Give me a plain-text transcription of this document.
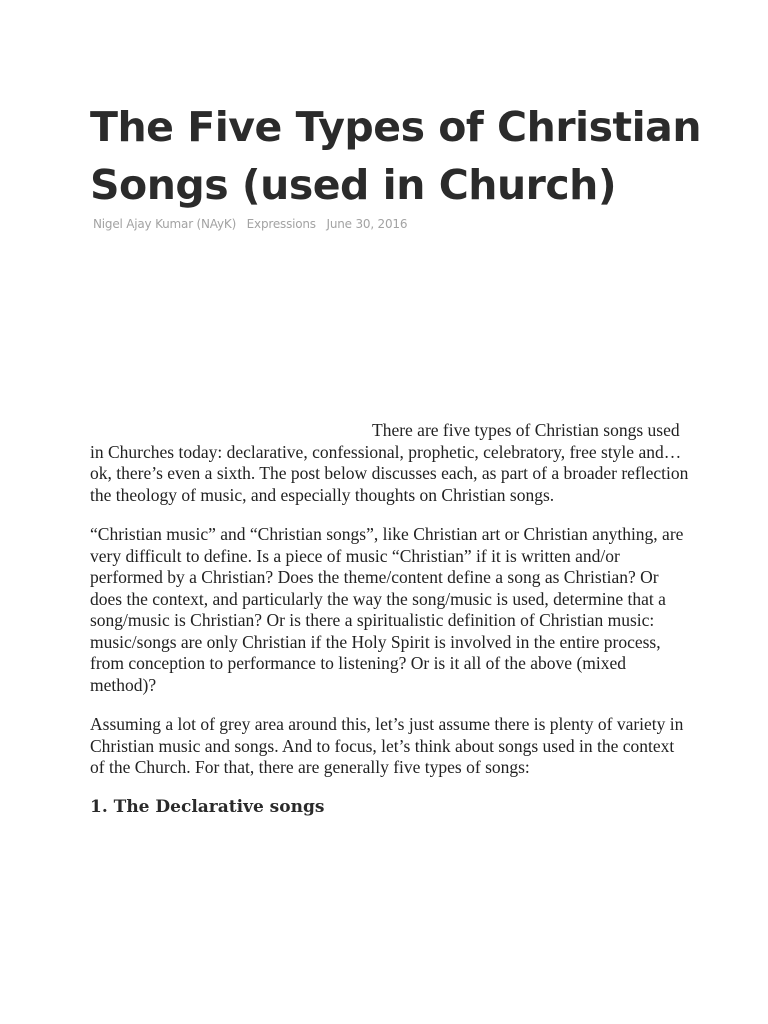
The Five Types of Christian Songs (used in Church)
Nigel Ajay Kumar (NAyK) Expressions June 30, 2016

There are five types of Christian songs used in Churches today: declarative, confessional, prophetic, celebratory, free style and… ok, there’s even a sixth. The post below discusses each, as part of a broader reflection the theology of music, and especially thoughts on Christian songs.

“Christian music” and “Christian songs”, like Christian art or Christian anything, are very difficult to define. Is a piece of music “Christian” if it is written and/or performed by a Christian? Does the theme/content define a song as Christian? Or does the context, and particularly the way the song/music is used, determine that a song/music is Christian? Or is there a spiritualistic definition of Christian music: music/songs are only Christian if the Holy Spirit is involved in the entire process, from conception to performance to listening? Or is it all of the above (mixed method)?

Assuming a lot of grey area around this, let’s just assume there is plenty of variety in Christian music and songs. And to focus, let’s think about songs used in the context of the Church. For that, there are generally five types of songs:

1. The Declarative songs
